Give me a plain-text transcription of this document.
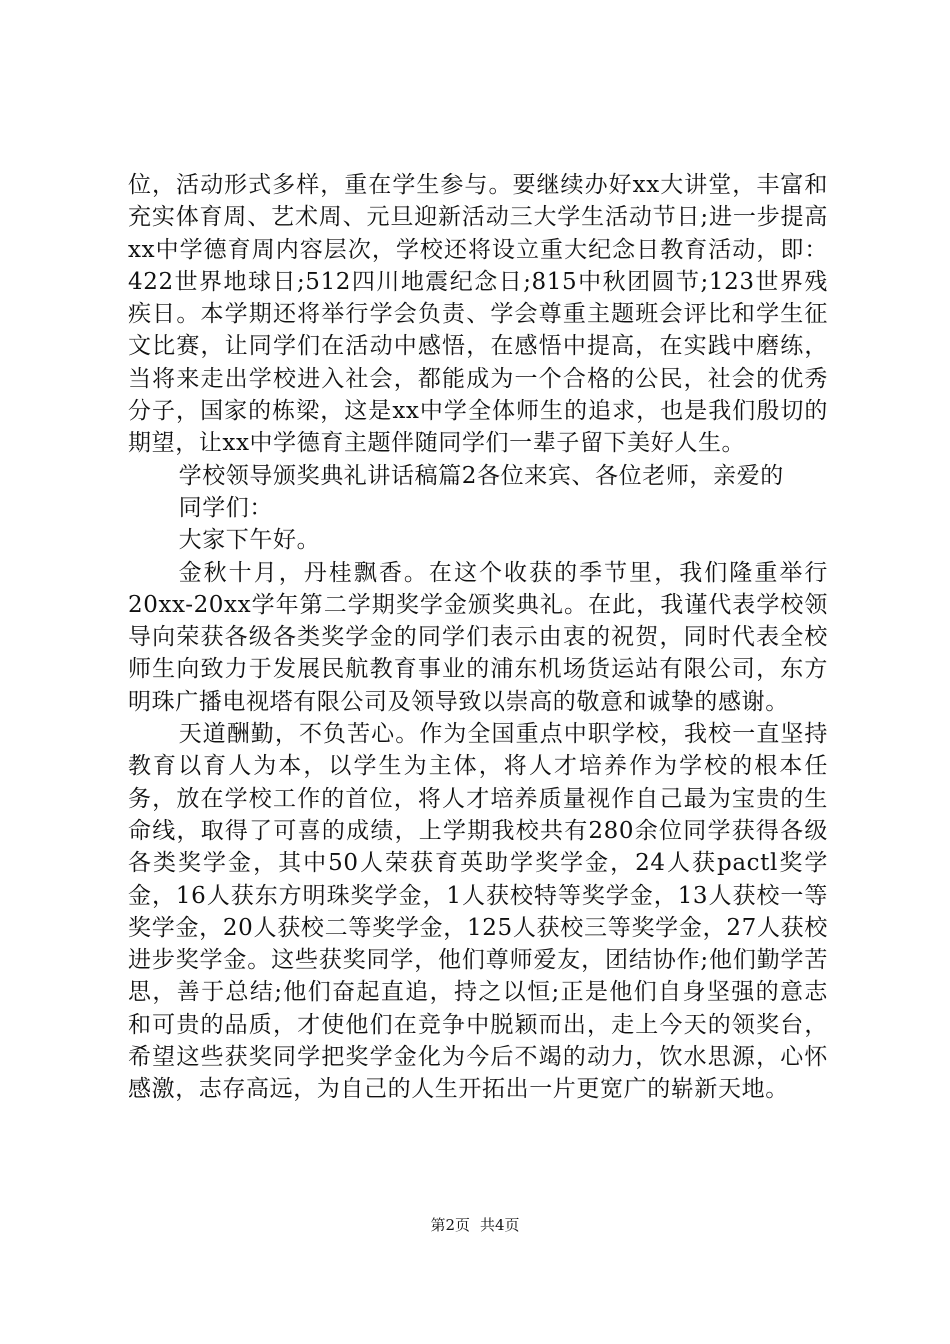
位，活动形式多样，重在学生参与。要继续办好xx大讲堂，丰富和充实体育周、艺术周、元旦迎新活动三大学生活动节日;进一步提高xx中学德育周内容层次，学校还将设立重大纪念日教育活动，即：422世界地球日;512四川地震纪念日;815中秋团圆节;123世界残疾日。本学期还将举行学会负责、学会尊重主题班会评比和学生征文比赛，让同学们在活动中感悟，在感悟中提高，在实践中磨练，当将来走出学校进入社会，都能成为一个合格的公民，社会的优秀分子，国家的栋梁，这是xx中学全体师生的追求，也是我们殷切的期望，让xx中学德育主题伴随同学们一辈子留下美好人生。

学校领导颁奖典礼讲话稿篇2各位来宾、各位老师，亲爱的

同学们：

大家下午好。

金秋十月，丹桂飘香。在这个收获的季节里，我们隆重举行20xx-20xx学年第二学期奖学金颁奖典礼。在此，我谨代表学校领导向荣获各级各类奖学金的同学们表示由衷的祝贺，同时代表全校师生向致力于发展民航教育事业的浦东机场货运站有限公司，东方明珠广播电视塔有限公司及领导致以崇高的敬意和诚挚的感谢。

天道酬勤，不负苦心。作为全国重点中职学校，我校一直坚持教育以育人为本，以学生为主体，将人才培养作为学校的根本任务，放在学校工作的首位，将人才培养质量视作自己最为宝贵的生命线，取得了可喜的成绩，上学期我校共有280余位同学获得各级各类奖学金，其中50人荣获育英助学奖学金，24人获pactl奖学金，16人获东方明珠奖学金，1人获校特等奖学金，13人获校一等奖学金，20人获校二等奖学金，125人获校三等奖学金，27人获校进步奖学金。这些获奖同学，他们尊师爱友，团结协作;他们勤学苦思，善于总结;他们奋起直追，持之以恒;正是他们自身坚强的意志和可贵的品质，才使他们在竞争中脱颖而出，走上今天的领奖台，希望这些获奖同学把奖学金化为今后不竭的动力，饮水思源，心怀感激，志存高远，为自己的人生开拓出一片更宽广的崭新天地。

第2页 共4页
